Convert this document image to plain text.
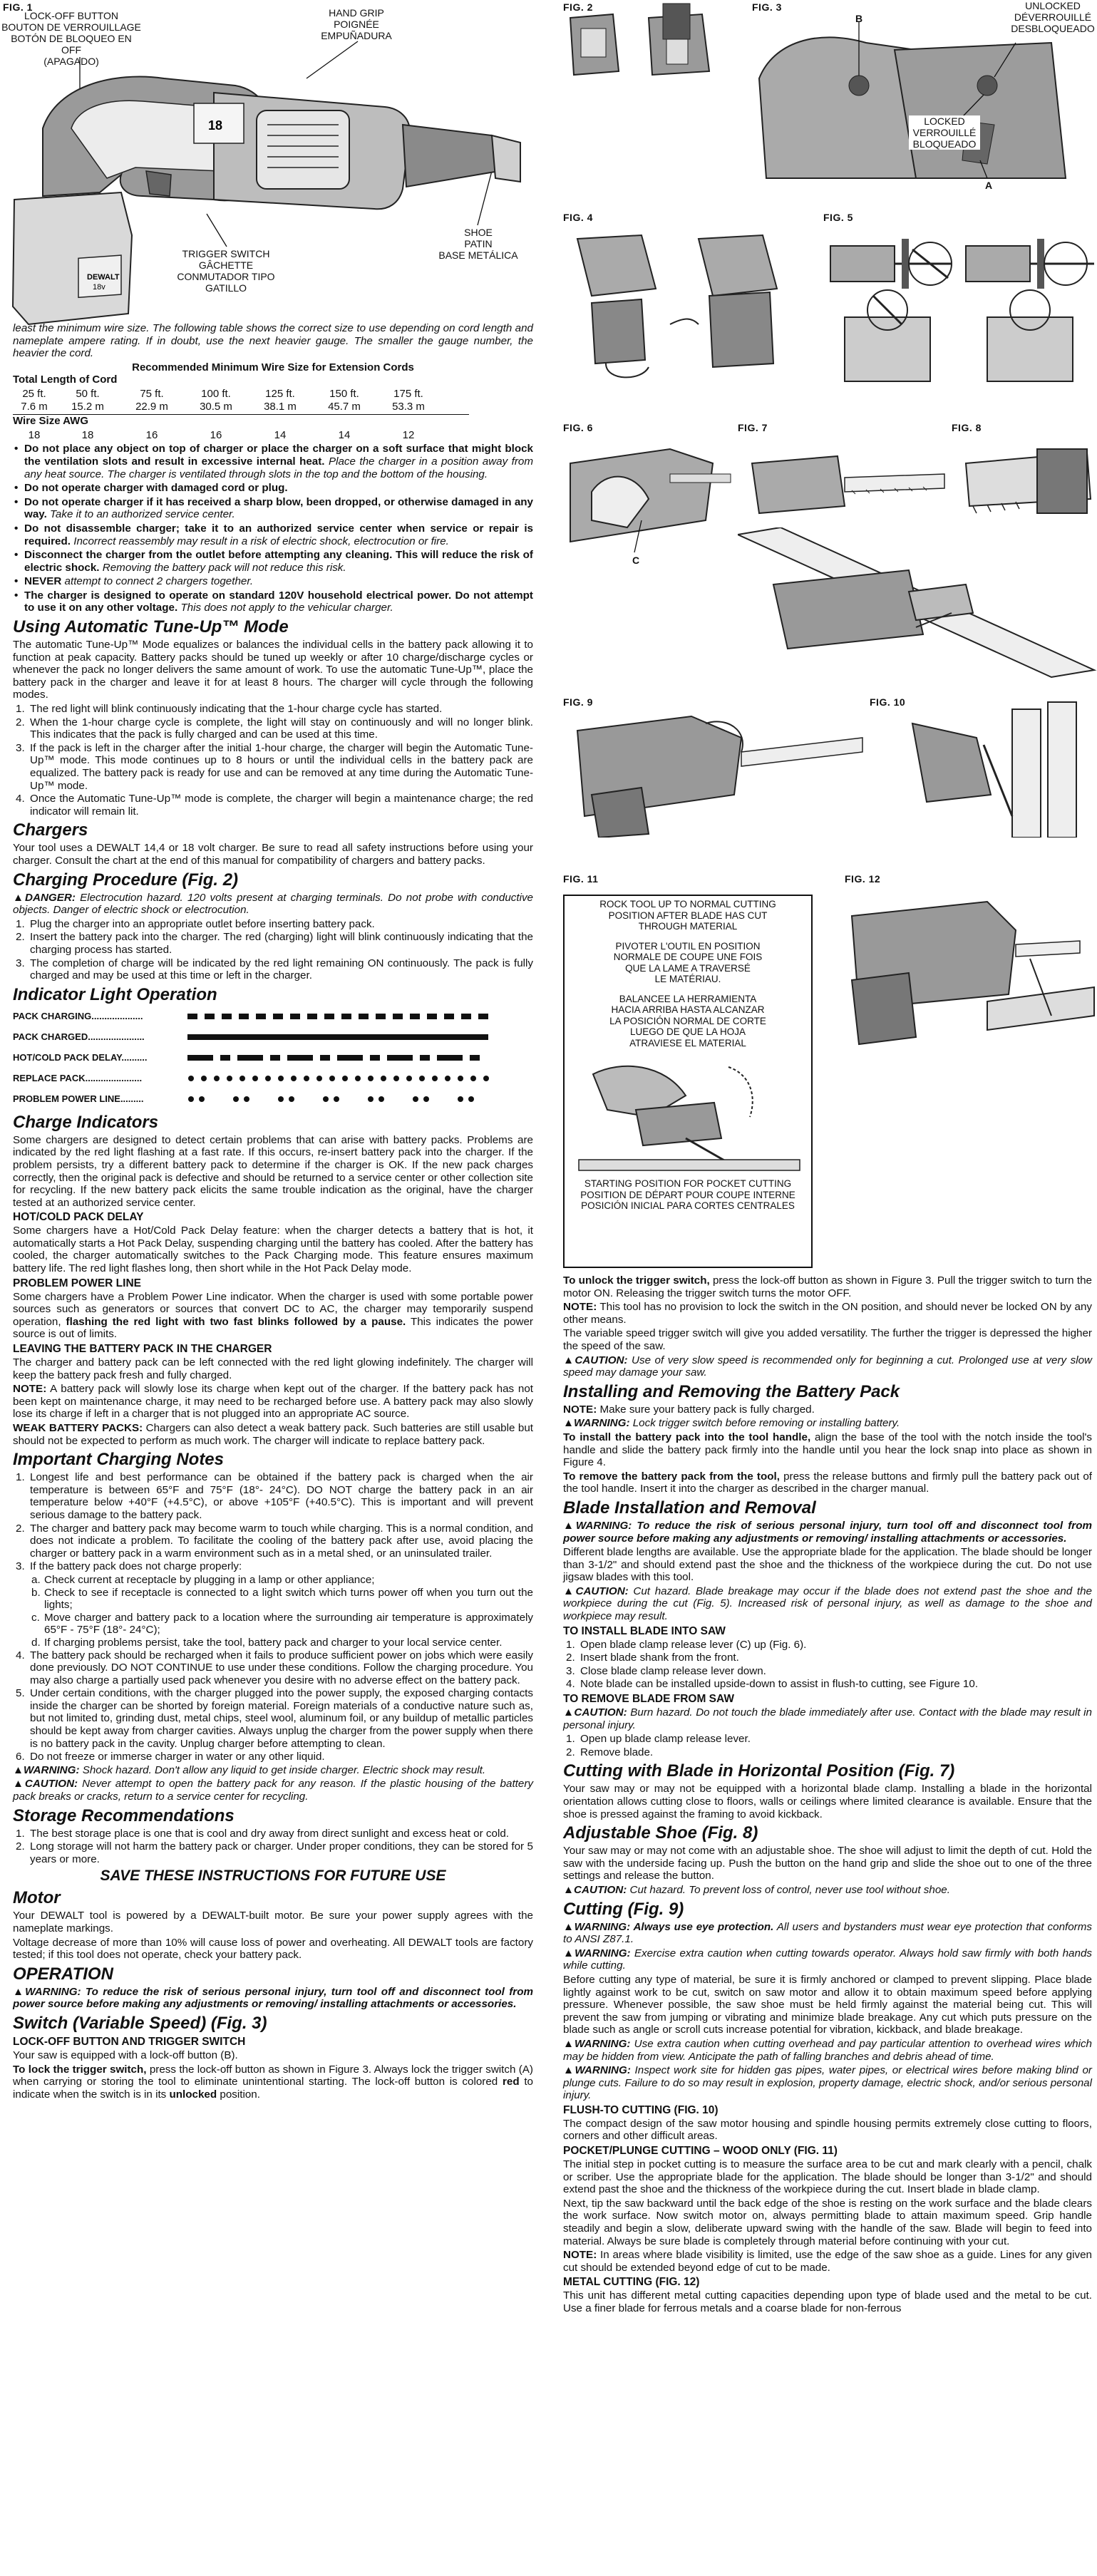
FIG. 1
LOCK-OFF BUTTON
BOUTON DE VERROUILLAGE
BOTÓN DE BLOQUEO EN OFF
(APAGADO)
HAND GRIP
POIGNÉE
EMPUÑADURA
TRIGGER SWITCH
GÂCHETTE
CONMUTADOR TIPO
GATILLO
SHOE
PATIN
BASE METÁLICA
DEWALT
18v
18

least the minimum wire size. The following table shows the correct size to use depending on cord length and nameplate ampere rating. If in doubt, use the next heavier gauge. The smaller the gauge number, the heavier the cord.

Recommended Minimum Wire Size for Extension Cords
Total Length of Cord
25 ft.	50 ft.	75 ft.	100 ft.	125 ft.	150 ft.	175 ft.
7.6 m	15.2 m	22.9 m	30.5 m	38.1 m	45.7 m	53.3 m
Wire Size AWG
18	18	16	16	14	14	12
• Do not place any object on top of charger or place the charger on a soft surface that might block the ventilation slots and result in excessive internal heat. Place the charger in a position away from any heat source. The charger is ventilated through slots in the top and the bottom of the housing.
• Do not operate charger with damaged cord or plug.
• Do not operate charger if it has received a sharp blow, been dropped, or otherwise damaged in any way. Take it to an authorized service center.
• Do not disassemble charger; take it to an authorized service center when service or repair is required. Incorrect reassembly may result in a risk of electric shock, electrocution or fire.
• Disconnect the charger from the outlet before attempting any cleaning. This will reduce the risk of electric shock. Removing the battery pack will not reduce this risk.
• NEVER attempt to connect 2 chargers together.
• The charger is designed to operate on standard 120V household electrical power. Do not attempt to use it on any other voltage. This does not apply to the vehicular charger.
Using Automatic Tune-Up™ Mode

The automatic Tune-Up™ Mode equalizes or balances the individual cells in the battery pack allowing it to function at peak capacity. Battery packs should be tuned up weekly or after 10 charge/discharge cycles or whenever the pack no longer delivers the same amount of work. To use the automatic Tune-Up™, place the battery pack in the charger and leave it for at least 8 hours. The charger will cycle through the following modes.

1. The red light will blink continuously indicating that the 1-hour charge cycle has started.
2. When the 1-hour charge cycle is complete, the light will stay on continuously and will no longer blink. This indicates that the pack is fully charged and can be used at this time.
3. If the pack is left in the charger after the initial 1-hour charge, the charger will begin the Automatic Tune-Up™ mode. This mode continues up to 8 hours or until the individual cells in the battery pack are equalized. The battery pack is ready for use and can be removed at any time during the Automatic Tune-Up™ mode.
4. Once the Automatic Tune-Up™ mode is complete, the charger will begin a maintenance charge; the red indicator will remain lit.
Chargers

Your tool uses a DEWALT 14,4 or 18 volt charger. Be sure to read all safety instructions before using your charger. Consult the chart at the end of this manual for compatibility of chargers and battery packs.

Charging Procedure (Fig. 2)

▲DANGER: Electrocution hazard. 120 volts present at charging terminals. Do not probe with conductive objects. Danger of electric shock or electrocution.

1. Plug the charger into an appropriate outlet before inserting battery pack.
2. Insert the battery pack into the charger. The red (charging) light will blink continuously indicating that the charging process has started.
3. The completion of charge will be indicated by the red light remaining ON continuously. The pack is fully charged and may be used at this time or left in the charger.
Indicator Light Operation
PACK CHARGING....................
PACK CHARGED......................
HOT/COLD PACK DELAY..........
REPLACE PACK......................
PROBLEM POWER LINE.........
Charge Indicators

Some chargers are designed to detect certain problems that can arise with battery packs. Problems are indicated by the red light flashing at a fast rate. If this occurs, re-insert battery pack into the charger. If the problem persists, try a different battery pack to determine if the charger is OK. If the new pack charges correctly, then the original pack is defective and should be returned to a service center or other collection site for recycling. If the new battery pack elicits the same trouble indication as the original, have the charger tested at an authorized service center.

HOT/COLD PACK DELAY

Some chargers have a Hot/Cold Pack Delay feature: when the charger detects a battery that is hot, it automatically starts a Hot Pack Delay, suspending charging until the battery has cooled. After the battery has cooled, the charger automatically switches to the Pack Charging mode. This feature ensures maximum battery life. The red light flashes long, then short while in the Hot Pack Delay mode.

PROBLEM POWER LINE

Some chargers have a Problem Power Line indicator. When the charger is used with some portable power sources such as generators or sources that convert DC to AC, the charger may temporarily suspend operation, flashing the red light with two fast blinks followed by a pause. This indicates the power source is out of limits.

LEAVING THE BATTERY PACK IN THE CHARGER

The charger and battery pack can be left connected with the red light glowing indefinitely. The charger will keep the battery pack fresh and fully charged.

NOTE: A battery pack will slowly lose its charge when kept out of the charger. If the battery pack has not been kept on maintenance charge, it may need to be recharged before use. A battery pack may also slowly lose its charge if left in a charger that is not plugged into an appropriate AC source.

WEAK BATTERY PACKS: Chargers can also detect a weak battery pack. Such batteries are still usable but should not be expected to perform as much work. The charger will indicate to replace battery pack.

Important Charging Notes
1. Longest life and best performance can be obtained if the battery pack is charged when the air temperature is between 65°F and 75°F (18°- 24°C). DO NOT charge the battery pack in an air temperature below +40°F (+4.5°C), or above +105°F (+40.5°C). This is important and will prevent serious damage to the battery pack.
2. The charger and battery pack may become warm to touch while charging. This is a normal condition, and does not indicate a problem. To facilitate the cooling of the battery pack after use, avoid placing the charger or battery pack in a warm environment such as in a metal shed, or an uninsulated trailer.
3. If the battery pack does not charge properly:
a. Check current at receptacle by plugging in a lamp or other appliance;
b. Check to see if receptacle is connected to a light switch which turns power off when you turn out the lights;
c. Move charger and battery pack to a location where the surrounding air temperature is approximately 65°F - 75°F (18°- 24°C);
d. If charging problems persist, take the tool, battery pack and charger to your local service center.
4. The battery pack should be recharged when it fails to produce sufficient power on jobs which were easily done previously. DO NOT CONTINUE to use under these conditions. Follow the charging procedure. You may also charge a partially used pack whenever you desire with no adverse effect on the battery pack.
5. Under certain conditions, with the charger plugged into the power supply, the exposed charging contacts inside the charger can be shorted by foreign material. Foreign materials of a conductive nature such as, but not limited to, grinding dust, metal chips, steel wool, aluminum foil, or any buildup of metallic particles should be kept away from charger cavities. Always unplug the charger from the power supply when there is no battery pack in the cavity. Unplug charger before attempting to clean.
6. Do not freeze or immerse charger in water or any other liquid.

▲WARNING: Shock hazard. Don't allow any liquid to get inside charger. Electric shock may result.

▲CAUTION: Never attempt to open the battery pack for any reason. If the plastic housing of the battery pack breaks or cracks, return to a service center for recycling.

Storage Recommendations
1. The best storage place is one that is cool and dry away from direct sunlight and excess heat or cold.
2. Long storage will not harm the battery pack or charger. Under proper conditions, they can be stored for 5 years or more.
SAVE THESE INSTRUCTIONS FOR FUTURE USE
Motor

Your DEWALT tool is powered by a DEWALT-built motor. Be sure your power supply agrees with the nameplate markings.

Voltage decrease of more than 10% will cause loss of power and overheating. All DEWALT tools are factory tested; if this tool does not operate, check your battery pack.

OPERATION

▲WARNING: To reduce the risk of serious personal injury, turn tool off and disconnect tool from power source before making any adjustments or removing/ installing attachments or accessories.

Switch (Variable Speed) (Fig. 3)
LOCK-OFF BUTTON AND TRIGGER SWITCH

Your saw is equipped with a lock-off button (B).

To lock the trigger switch, press the lock-off button as shown in Figure 3. Always lock the trigger switch (A) when carrying or storing the tool to eliminate unintentional starting. The lock-off button is colored red to indicate when the switch is in its unlocked position.

FIG. 2	FIG. 3
B
A
UNLOCKED
DÉVERROUILLÉ
DESBLOQUEADO
LOCKED
VERROUILLÉ
BLOQUEADO
FIG. 4	FIG. 5
FIG. 6
C
FIG. 7	FIG. 8
FIG. 9	FIG. 10
FIG. 11
ROCK TOOL UP TO NORMAL CUTTING
POSITION AFTER BLADE HAS CUT
THROUGH MATERIAL
PIVOTER L'OUTIL EN POSITION
NORMALE DE COUPE UNE FOIS
QUE LA LAME A TRAVERSÉ
LE MATÉRIAU.
BALANCEE LA HERRAMIENTA
HACIA ARRIBA HASTA ALCANZAR
LA POSICIÓN NORMAL DE CORTE
LUEGO DE QUE LA HOJA
ATRAVIESE EL MATERIAL
STARTING POSITION FOR POCKET CUTTING
POSITION DE DÉPART POUR COUPE INTERNE
POSICIÓN INICIAL PARA CORTES CENTRALES
FIG. 12

To unlock the trigger switch, press the lock-off button as shown in Figure 3. Pull the trigger switch to turn the motor ON. Releasing the trigger switch turns the motor OFF.

NOTE: This tool has no provision to lock the switch in the ON position, and should never be locked ON by any other means.

The variable speed trigger switch will give you added versatility. The further the trigger is depressed the higher the speed of the saw.

▲CAUTION: Use of very slow speed is recommended only for beginning a cut. Prolonged use at very slow speed may damage your saw.

Installing and Removing the Battery Pack

NOTE: Make sure your battery pack is fully charged.

▲WARNING: Lock trigger switch before removing or installing battery.

To install the battery pack into the tool handle, align the base of the tool with the notch inside the tool's handle and slide the battery pack firmly into the handle until you hear the lock snap into place as shown in Figure 4.

To remove the battery pack from the tool, press the release buttons and firmly pull the battery pack out of the tool handle. Insert it into the charger as described in the charger manual.

Blade Installation and Removal

▲WARNING: To reduce the risk of serious personal injury, turn tool off and disconnect tool from power source before making any adjustments or removing/ installing attachments or accessories.

Different blade lengths are available. Use the appropriate blade for the application. The blade should be longer than 3-1/2" and should extend past the shoe and the thickness of the workpiece during the cut. Do not use jigsaw blades with this tool.

▲CAUTION: Cut hazard. Blade breakage may occur if the blade does not extend past the shoe and the workpiece during the cut (Fig. 5). Increased risk of personal injury, as well as damage to the shoe and workpiece may result.

TO INSTALL BLADE INTO SAW
1. Open blade clamp release lever (C) up (Fig. 6).
2. Insert blade shank from the front.
3. Close blade clamp release lever down.
4. Note blade can be installed upside-down to assist in flush-to cutting, see Figure 10.
TO REMOVE BLADE FROM SAW

▲CAUTION: Burn hazard. Do not touch the blade immediately after use. Contact with the blade may result in personal injury.

1. Open up blade clamp release lever.
2. Remove blade.
Cutting with Blade in Horizontal Position (Fig. 7)

Your saw may or may not be equipped with a horizontal blade clamp. Installing a blade in the horizontal orientation allows cutting close to floors, walls or ceilings where limited clearance is available. Ensure that the shoe is pressed against the framing to avoid kickback.

Adjustable Shoe (Fig. 8)

Your saw may or may not come with an adjustable shoe. The shoe will adjust to limit the depth of cut. Hold the saw with the underside facing up. Push the button on the hand grip and slide the shoe out to one of the three settings and release the button.

▲CAUTION: Cut hazard. To prevent loss of control, never use tool without shoe.

Cutting (Fig. 9)

▲WARNING: Always use eye protection. All users and bystanders must wear eye protection that conforms to ANSI Z87.1.

▲WARNING: Exercise extra caution when cutting towards operator. Always hold saw firmly with both hands while cutting.

Before cutting any type of material, be sure it is firmly anchored or clamped to prevent slipping. Place blade lightly against work to be cut, switch on saw motor and allow it to obtain maximum speed before applying pressure. Whenever possible, the saw shoe must be held firmly against the material being cut. This will prevent the saw from jumping or vibrating and minimize blade breakage. Any cut which puts pressure on the blade such as angle or scroll cuts increase potential for vibration, kickback, and blade breakage.

▲WARNING: Use extra caution when cutting overhead and pay particular attention to overhead wires which may be hidden from view. Anticipate the path of falling branches and debris ahead of time.

▲WARNING: Inspect work site for hidden gas pipes, water pipes, or electrical wires before making blind or plunge cuts. Failure to do so may result in explosion, property damage, electric shock, and/or serious personal injury.

FLUSH-TO CUTTING (FIG. 10)

The compact design of the saw motor housing and spindle housing permits extremely close cutting to floors, corners and other difficult areas.

POCKET/PLUNGE CUTTING – WOOD ONLY (FIG. 11)

The initial step in pocket cutting is to measure the surface area to be cut and mark clearly with a pencil, chalk or scriber. Use the appropriate blade for the application. The blade should be longer than 3-1/2" and should extend past the shoe and the thickness of the workpiece during the cut. Insert blade in blade clamp.

Next, tip the saw backward until the back edge of the shoe is resting on the work surface and the blade clears the work surface. Now switch motor on, always permitting blade to attain maximum speed. Grip handle steadily and begin a slow, deliberate upward swing with the handle of the saw. Blade will begin to feed into material. Always be sure blade is completely through material before continuing with your cut.

NOTE: In areas where blade visibility is limited, use the edge of the saw shoe as a guide. Lines for any given cut should be extended beyond edge of cut to be made.

METAL CUTTING (FIG. 12)

This unit has different metal cutting capacities depending upon type of blade used and the metal to be cut. Use a finer blade for ferrous metals and a coarse blade for non-ferrous
